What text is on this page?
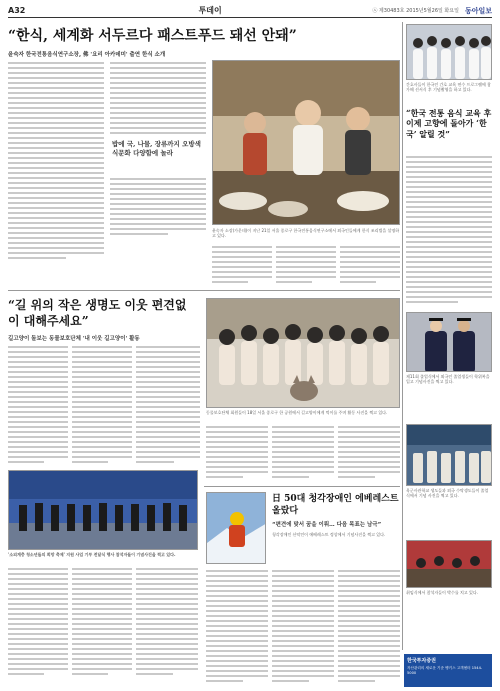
A32	투데이	㉦ 제30483호 2015년5월26일 화요일 동아일보
“한식, 세계화 서두르다 패스트푸드 돼선 안돼”
윤숙자 한국전통음식연구소장, 佛 '요리 아카데미' 출연 한식 소개
밥에 국, 나물, 장류까지 오방색 식문화 다양함에 놀라
윤숙자 소장(가운데)이 지난 21일 서울 종로구 한국전통음식연구소에서 외국인들에게 한식 조리법을 설명하고 있다.
“길 위의 작은 생명도 이웃 편견없이 대해주세요”
길고양이 돌보는 동물보호단체 '내 이웃 길고양이' 활동
동물보호단체 회원들이 18일 서울 종로구 한 공원에서 길고양이에게 먹이를 주며 활동 사진을 찍고 있다.
'소외계층 청소년들의 희망 축제' 지원 사업 기부 전달식 행사 참석자들이 기념사진을 찍고 있다.
日 50대 청각장애인 에베레스트 올랐다
“편견에 맞서 꿈을 이뤄… 다음 목표는 남극”
청각장애인 산악인이 에베레스트 정상에서 기념사진을 찍고 있다.
간호사들이 한국인 간호 교육 연수 프로그램에 참가해 선서식 후 기념촬영을 하고 있다.
“한국 전통 음식 교육 후 이제 고향에 돌아가 ‘한국’ 알릴 것”
제11회 졸업식에서 외국인 졸업생들이 학위복을 입고 기념사진을 찍고 있다.
육군사관학교 생도들과 외국 수탁생도들이 졸업식에서 기념 사진을 찍고 있다.
취임식에서 참석자들이 박수를 치고 있다.
한국투자증권
자산관리의 새로운 기준 뱅키스 고객센터 1544-5000
